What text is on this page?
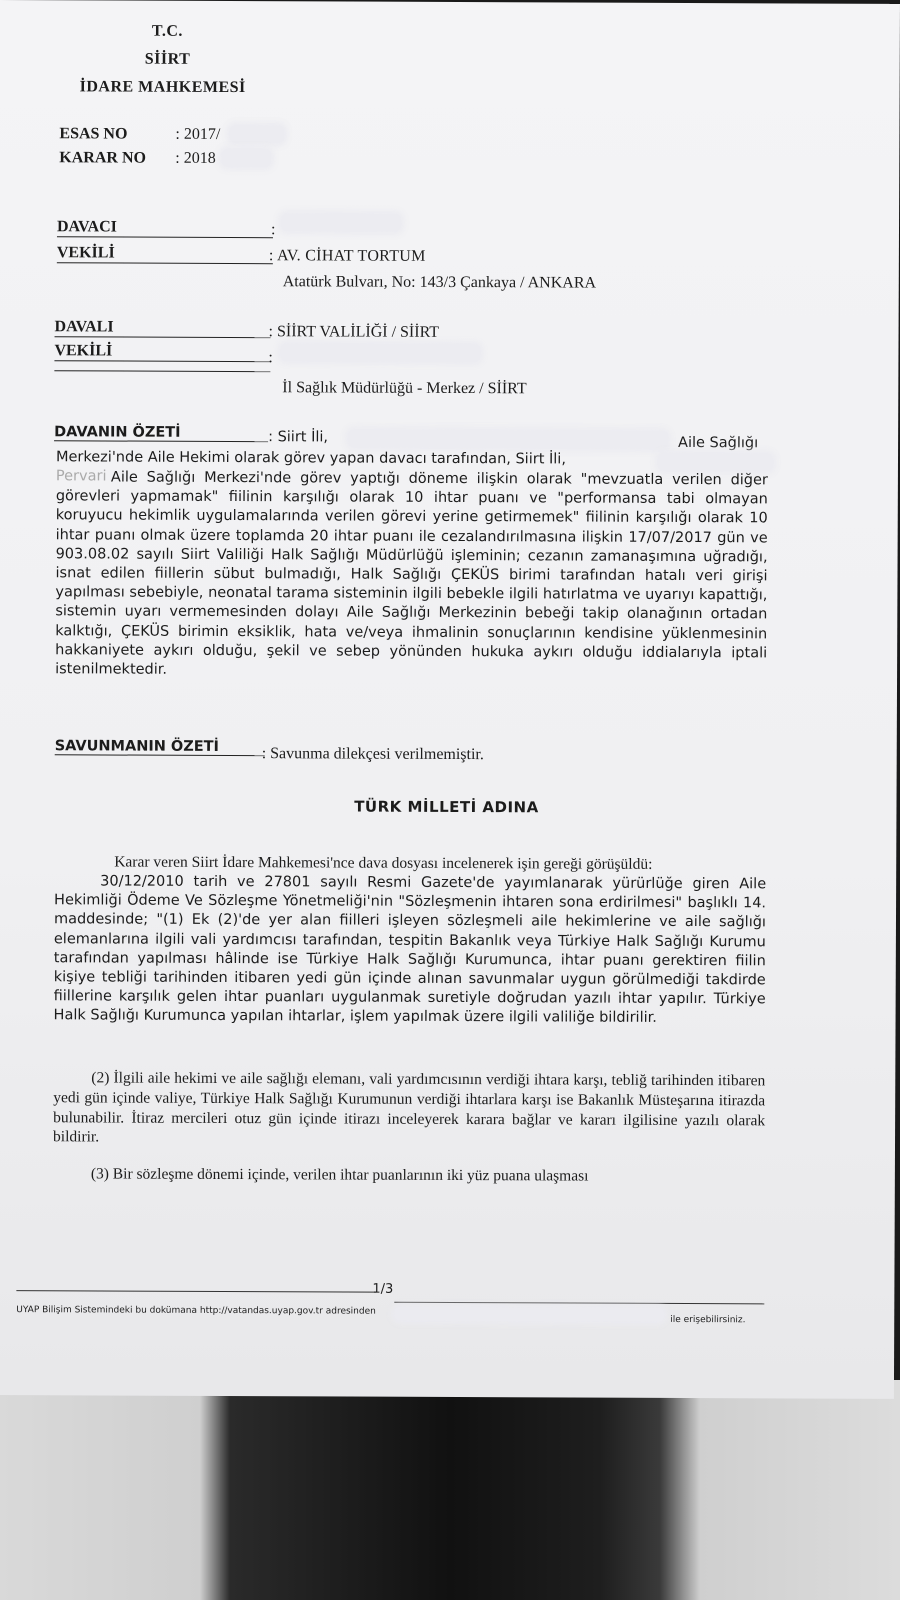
T.C.
SİİRT
İDARE MAHKEMESİ
ESAS NO	: 2017/
KARAR NO : 2018
DAVACI	:
VEKİLİ	: AV. CİHAT TORTUM
Atatürk Bulvarı, No: 143/3 Çankaya / ANKARA
DAVALI	: SİİRT VALİLİĞİ / SİİRT
VEKİLİ	:
İl Sağlık Müdürlüğü - Merkez / SİİRT
DAVANIN ÖZETİ	: Siirt İli,	Aile Sağlığı
Merkezi'nde Aile Hekimi olarak görev yapan davacı tarafından, Siirt İli,
Pervari Aile Sağlığı Merkezi'nde görev yaptığı döneme ilişkin olarak "mevzuatla verilen diğer görevleri yapmamak" fiilinin karşılığı olarak 10 ihtar puanı ve "performansa tabi olmayan koruyucu hekimlik uygulamalarında verilen görevi yerine getirmemek" fiilinin karşılığı olarak 10 ihtar puanı olmak üzere toplamda 20 ihtar puanı ile cezalandırılmasına ilişkin 17/07/2017 gün ve 903.08.02 sayılı Siirt Valiliği Halk Sağlığı Müdürlüğü işleminin; cezanın zamanaşımına uğradığı, isnat edilen fiillerin sübut bulmadığı, Halk Sağlığı ÇEKÜS birimi tarafından hatalı veri girişi yapılması sebebiyle, neonatal tarama sisteminin ilgili bebekle ilgili hatırlatma ve uyarıyı kapattığı, sistemin uyarı vermemesinden dolayı Aile Sağlığı Merkezinin bebeği takip olanağının ortadan kalktığı, ÇEKÜS birimin eksiklik, hata ve/veya ihmalinin sonuçlarının kendisine yüklenmesinin hakkaniyete aykırı olduğu, şekil ve sebep yönünden hukuka aykırı olduğu iddialarıyla iptali istenilmektedir.
SAVUNMANIN ÖZETİ	: Savunma dilekçesi verilmemiştir.
TÜRK MİLLETİ ADINA
Karar veren Siirt İdare Mahkemesi'nce dava dosyası incelenerek işin gereği görüşüldü:
30/12/2010 tarih ve 27801 sayılı Resmi Gazete'de yayımlanarak yürürlüğe giren Aile Hekimliği Ödeme Ve Sözleşme Yönetmeliği'nin "Sözleşmenin ihtaren sona erdirilmesi" başlıklı 14. maddesinde; "(1) Ek (2)'de yer alan fiilleri işleyen sözleşmeli aile hekimlerine ve aile sağlığı elemanlarına ilgili vali yardımcısı tarafından, tespitin Bakanlık veya Türkiye Halk Sağlığı Kurumu tarafından yapılması hâlinde ise Türkiye Halk Sağlığı Kurumunca, ihtar puanı gerektiren fiilin kişiye tebliği tarihinden itibaren yedi gün içinde alınan savunmalar uygun görülmediği takdirde fiillerine karşılık gelen ihtar puanları uygulanmak suretiyle doğrudan yazılı ihtar yapılır. Türkiye Halk Sağlığı Kurumunca yapılan ihtarlar, işlem yapılmak üzere ilgili valiliğe bildirilir.
(2) İlgili aile hekimi ve aile sağlığı elemanı, vali yardımcısının verdiği ihtara karşı, tebliğ tarihinden itibaren yedi gün içinde valiye, Türkiye Halk Sağlığı Kurumunun verdiği ihtarlara karşı ise Bakanlık Müsteşarına itirazda bulunabilir. İtiraz mercileri otuz gün içinde itirazı inceleyerek karara bağlar ve kararı ilgilisine yazılı olarak bildirir.
(3) Bir sözleşme dönemi içinde, verilen ihtar puanlarının iki yüz puana ulaşması
1/3
UYAP Bilişim Sistemindeki bu dokümana http://vatandas.uyap.gov.tr adresinden
ile erişebilirsiniz.
